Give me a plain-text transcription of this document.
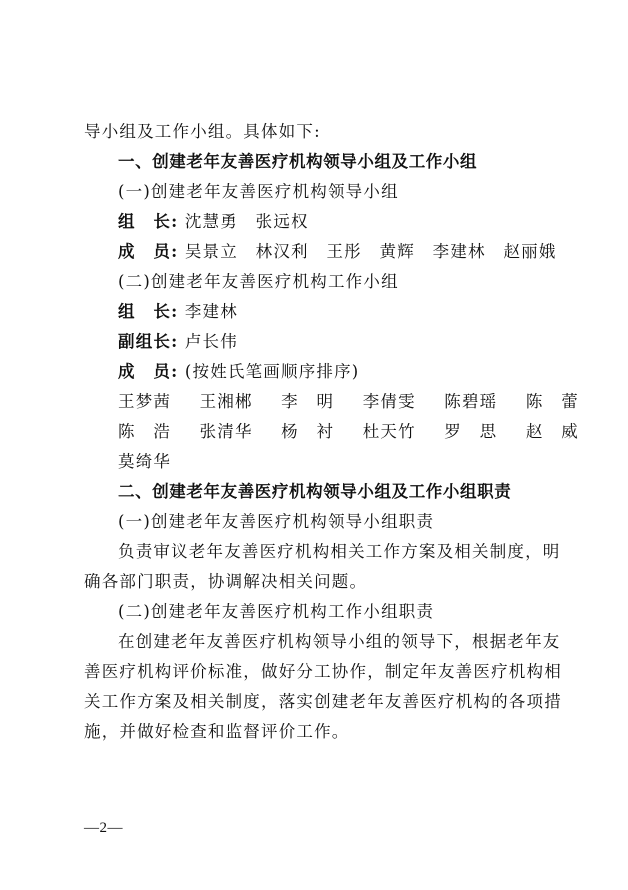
导小组及工作小组。具体如下:
一、创建老年友善医疗机构领导小组及工作小组
(一)创建老年友善医疗机构领导小组
组　长: 沈慧勇　张远权
成　员: 吴景立　林汉利　王彤　黄辉　李建林　赵丽娥
(二)创建老年友善医疗机构工作小组
组　长: 李建林
副组长: 卢长伟
成　员: (按姓氏笔画顺序排序)
王梦茜 王湘郴 李　明 李倩雯 陈碧瑶 陈　蕾
陈　浩 张清华 杨　衬 杜天竹 罗　思 赵　威
莫绮华
二、创建老年友善医疗机构领导小组及工作小组职责
(一)创建老年友善医疗机构领导小组职责
负责审议老年友善医疗机构相关工作方案及相关制度，明
确各部门职责，协调解决相关问题。
(二)创建老年友善医疗机构工作小组职责
在创建老年友善医疗机构领导小组的领导下，根据老年友
善医疗机构评价标准，做好分工协作，制定年友善医疗机构相
关工作方案及相关制度，落实创建老年友善医疗机构的各项措
施，并做好检查和监督评价工作。
—2—
